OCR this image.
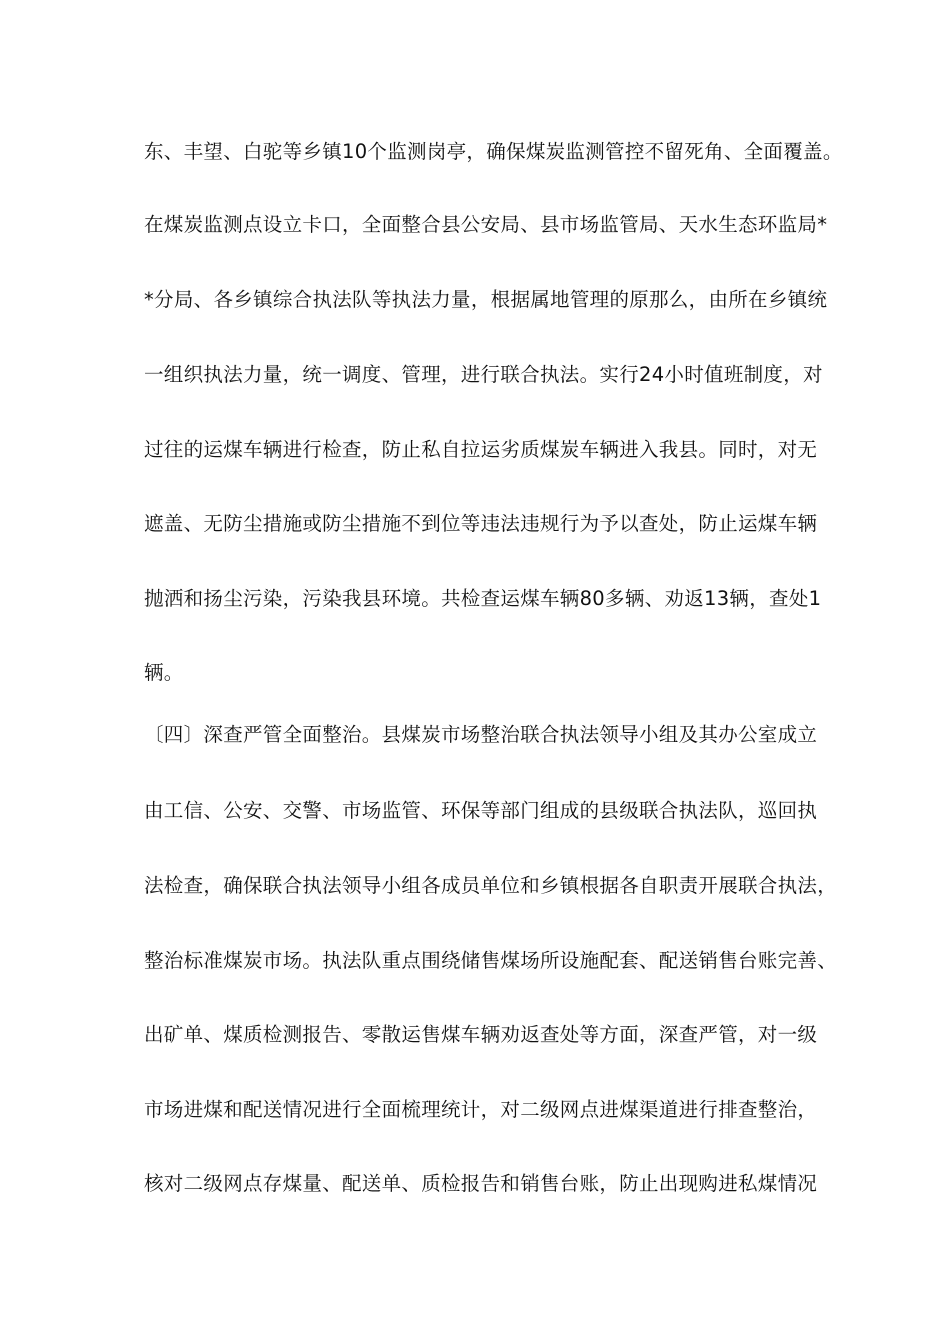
东、丰望、白驼等乡镇10个监测岗亭，确保煤炭监测管控不留死角、全面覆盖。
在煤炭监测点设立卡口，全面整合县公安局、县市场监管局、天水生态环监局*
*分局、各乡镇综合执法队等执法力量，根据属地管理的原那么，由所在乡镇统
一组织执法力量，统一调度、管理，进行联合执法。实行24小时值班制度，对
过往的运煤车辆进行检查，防止私自拉运劣质煤炭车辆进入我县。同时，对无
遮盖、无防尘措施或防尘措施不到位等违法违规行为予以查处，防止运煤车辆
抛洒和扬尘污染，污染我县环境。共检查运煤车辆80多辆、劝返13辆，查处1
辆。
〔四〕深查严管全面整治。县煤炭市场整治联合执法领导小组及其办公室成立
由工信、公安、交警、市场监管、环保等部门组成的县级联合执法队，巡回执
法检查，确保联合执法领导小组各成员单位和乡镇根据各自职责开展联合执法，
整治标准煤炭市场。执法队重点围绕储售煤场所设施配套、配送销售台账完善、
出矿单、煤质检测报告、零散运售煤车辆劝返查处等方面，深查严管，对一级
市场进煤和配送情况进行全面梳理统计，对二级网点进煤渠道进行排查整治，
核对二级网点存煤量、配送单、质检报告和销售台账，防止出现购进私煤情况
